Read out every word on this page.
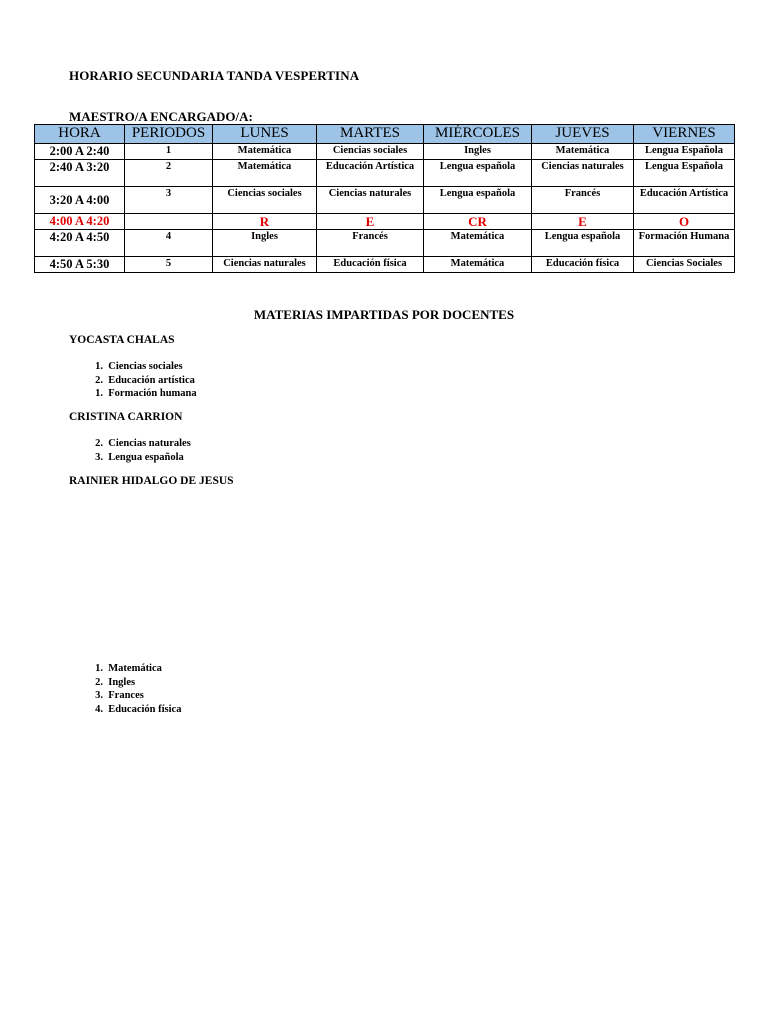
HORARIO SECUNDARIA TANDA VESPERTINA
MAESTRO/A ENCARGADO/A:
HORA	PERIODOS	LUNES	MARTES	MIÉRCOLES	JUEVES	VIERNES
2:00 A 2:40	1	Matemática	Ciencias sociales	Ingles	Matemática	Lengua Española
2:40 A 3:20	2	Matemática	Educación Artística	Lengua española	Ciencias naturales	Lengua Española
3:20 A 4:00	3	Ciencias sociales	Ciencias naturales	Lengua española	Francés	Educación Artística
4:00 A 4:20		R	E	CR	E	O
4:20 A 4:50	4	Ingles	Francés	Matemática	Lengua española	Formación Humana
4:50 A 5:30	5	Ciencias naturales	Educación física	Matemática	Educación física	Ciencias Sociales
MATERIAS IMPARTIDAS POR DOCENTES
YOCASTA CHALAS
1.
Ciencias sociales
2.
Educación artística
1.
Formación humana
CRISTINA CARRION
2.
Ciencias naturales
3.
Lengua española
RAINIER HIDALGO DE JESUS
1.
Matemática
2.
Ingles
3.
Frances
4.
Educación física
